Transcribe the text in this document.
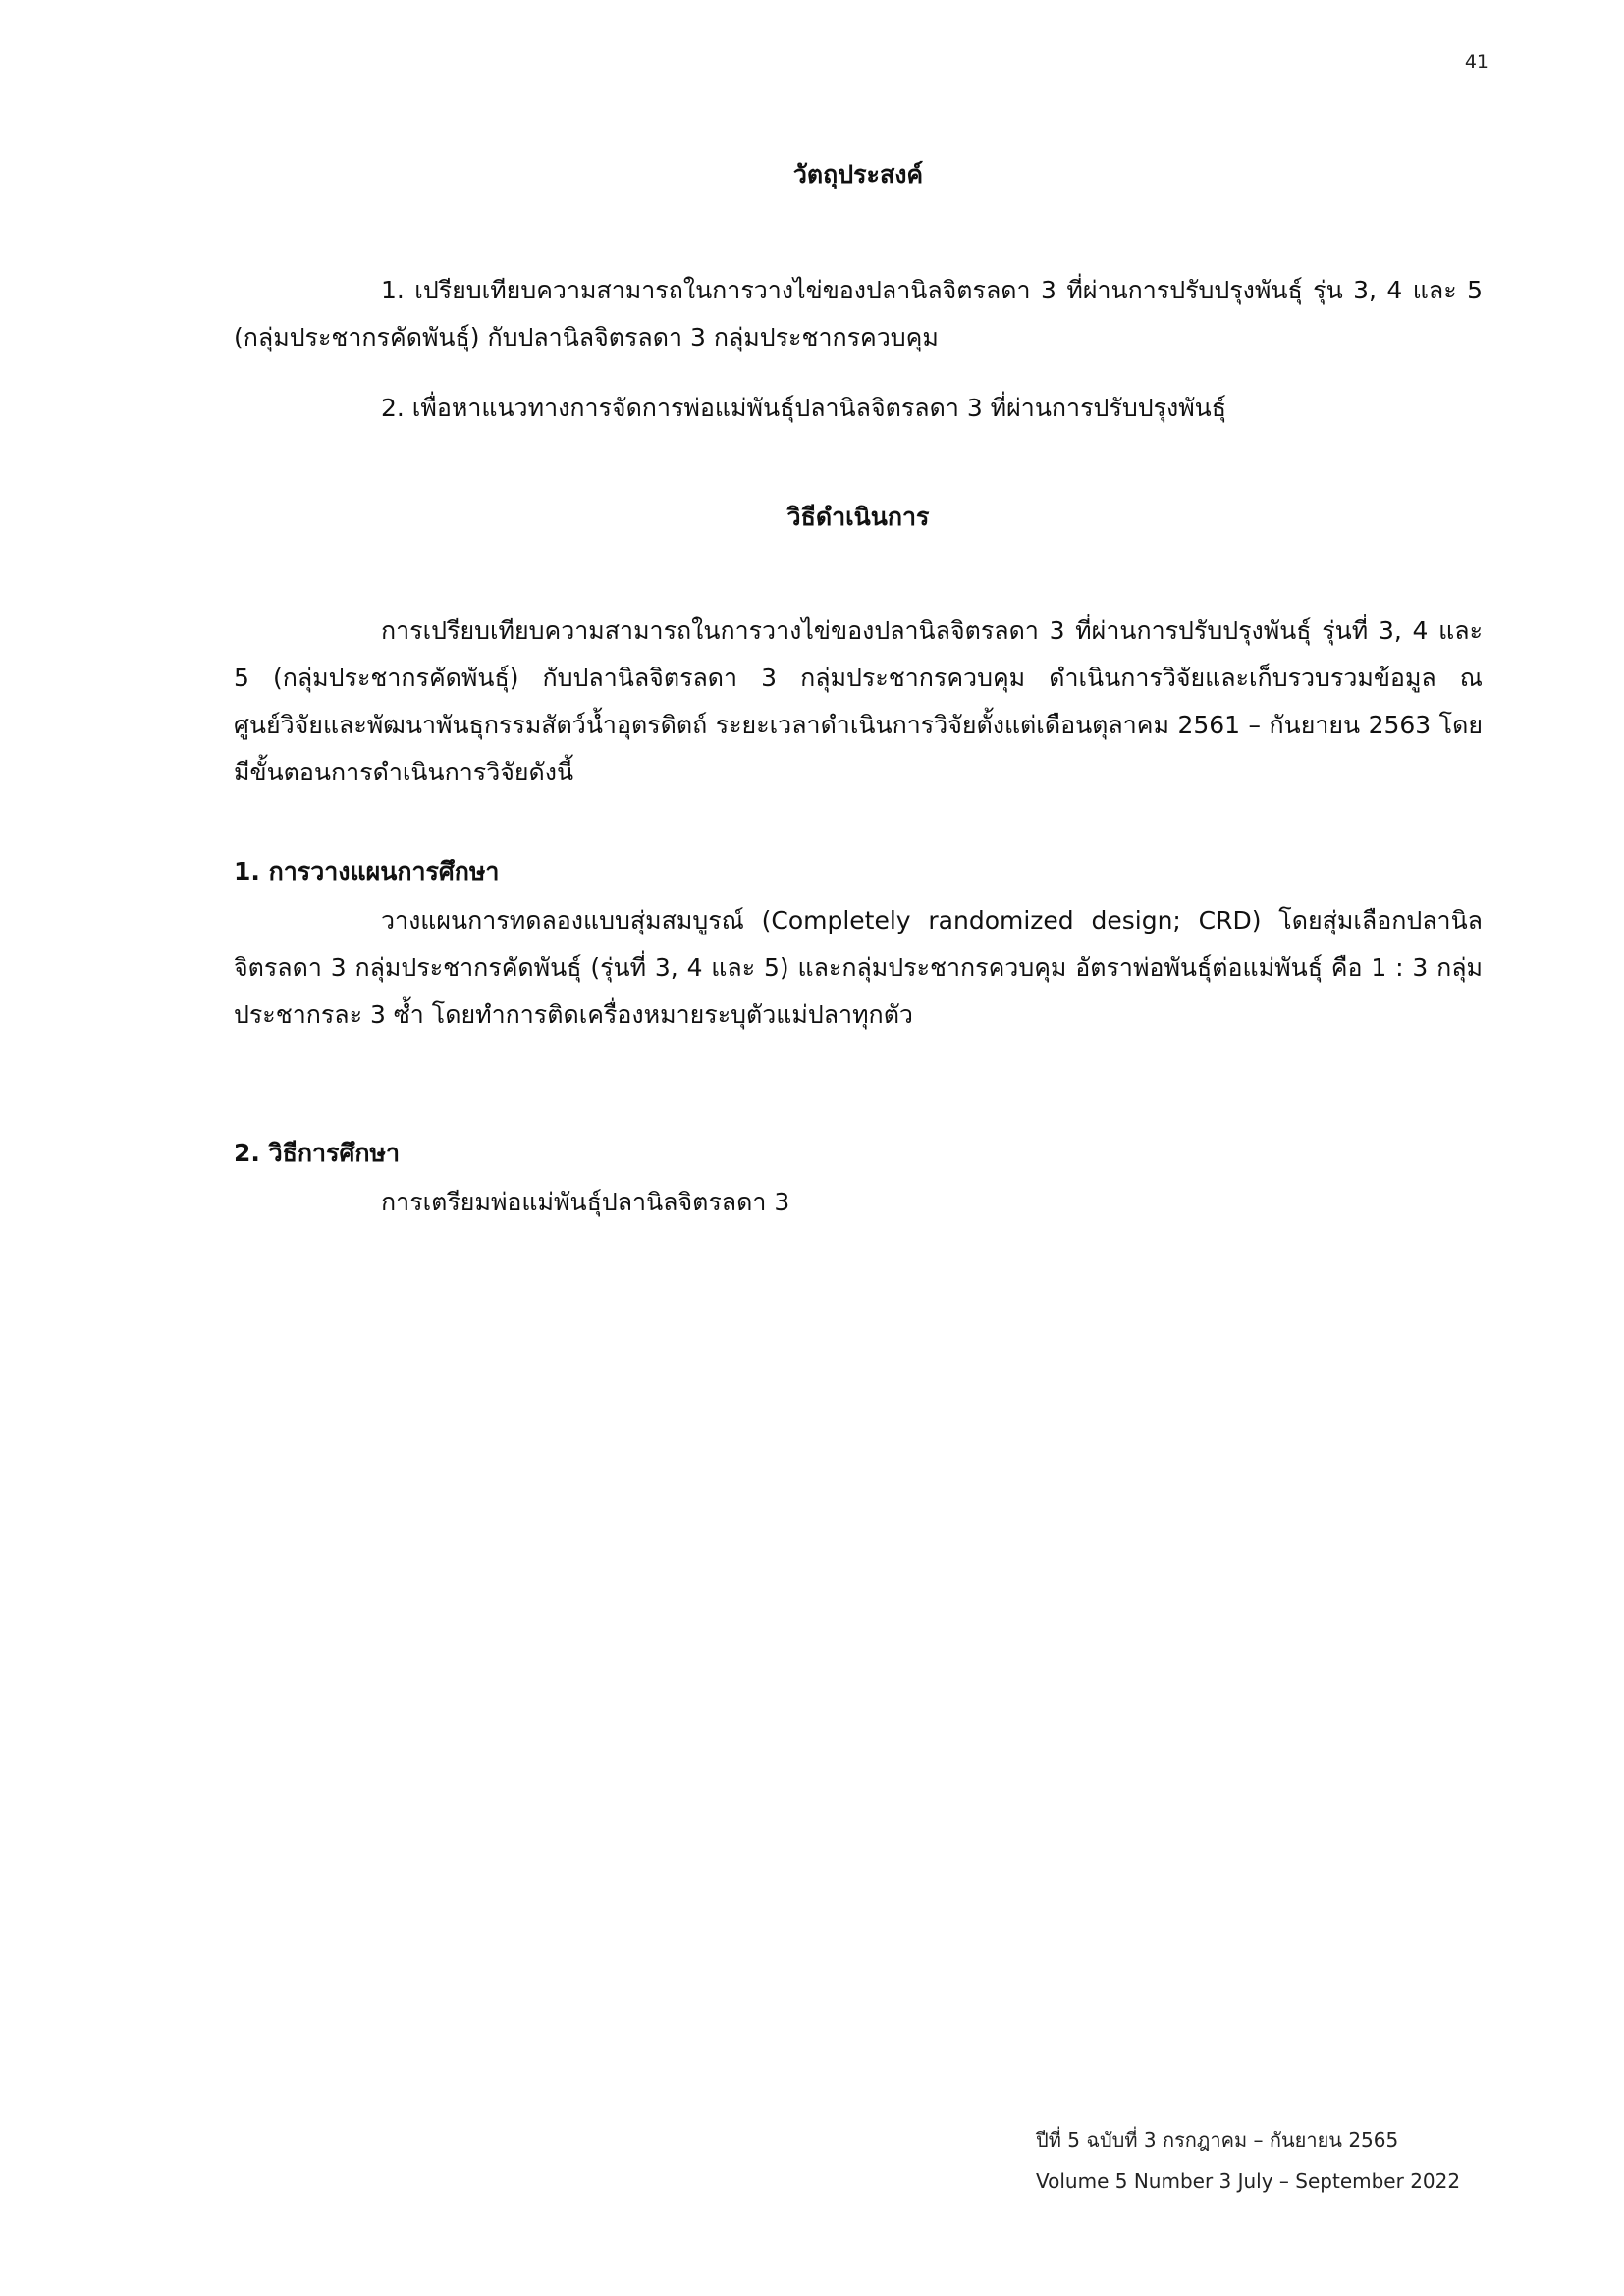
41
วัตถุประสงค์

1. เปรียบเทียบความสามารถในการวางไข่ของปลานิลจิตรลดา 3 ที่ผ่านการปรับปรุงพันธุ์ รุ่น 3, 4 และ 5 (กลุ่มประชากรคัดพันธุ์) กับปลานิลจิตรลดา 3 กลุ่มประชากรควบคุม

2. เพื่อหาแนวทางการจัดการพ่อแม่พันธุ์ปลานิลจิตรลดา 3 ที่ผ่านการปรับปรุงพันธุ์

วิธีดำเนินการ

การเปรียบเทียบความสามารถในการวางไข่ของปลานิลจิตรลดา 3 ที่ผ่านการปรับปรุงพันธุ์ รุ่นที่ 3, 4 และ 5 (กลุ่มประชากรคัดพันธุ์) กับปลานิลจิตรลดา 3 กลุ่มประชากรควบคุม ดำเนินการวิจัยและเก็บรวบรวมข้อมูล ณ ศูนย์วิจัยและพัฒนาพันธุกรรมสัตว์น้ำอุตรดิตถ์ ระยะเวลาดำเนินการวิจัยตั้งแต่เดือนตุลาคม 2561 – กันยายน 2563 โดยมีขั้นตอนการดำเนินการวิจัยดังนี้

1. การวางแผนการศึกษา

วางแผนการทดลองแบบสุ่มสมบูรณ์ (Completely randomized design; CRD) โดยสุ่มเลือกปลานิลจิตรลดา 3 กลุ่มประชากรคัดพันธุ์ (รุ่นที่ 3, 4 และ 5) และกลุ่มประชากรควบคุม อัตราพ่อพันธุ์ต่อแม่พันธุ์ คือ 1 : 3 กลุ่มประชากรละ 3 ซ้ำ โดยทำการติดเครื่องหมายระบุตัวแม่ปลาทุกตัว

2. วิธีการศึกษา

การเตรียมพ่อแม่พันธุ์ปลานิลจิตรลดา 3

ปีที่ 5 ฉบับที่ 3 กรกฎาคม – กันยายน 2565
Volume 5 Number 3 July – September 2022
